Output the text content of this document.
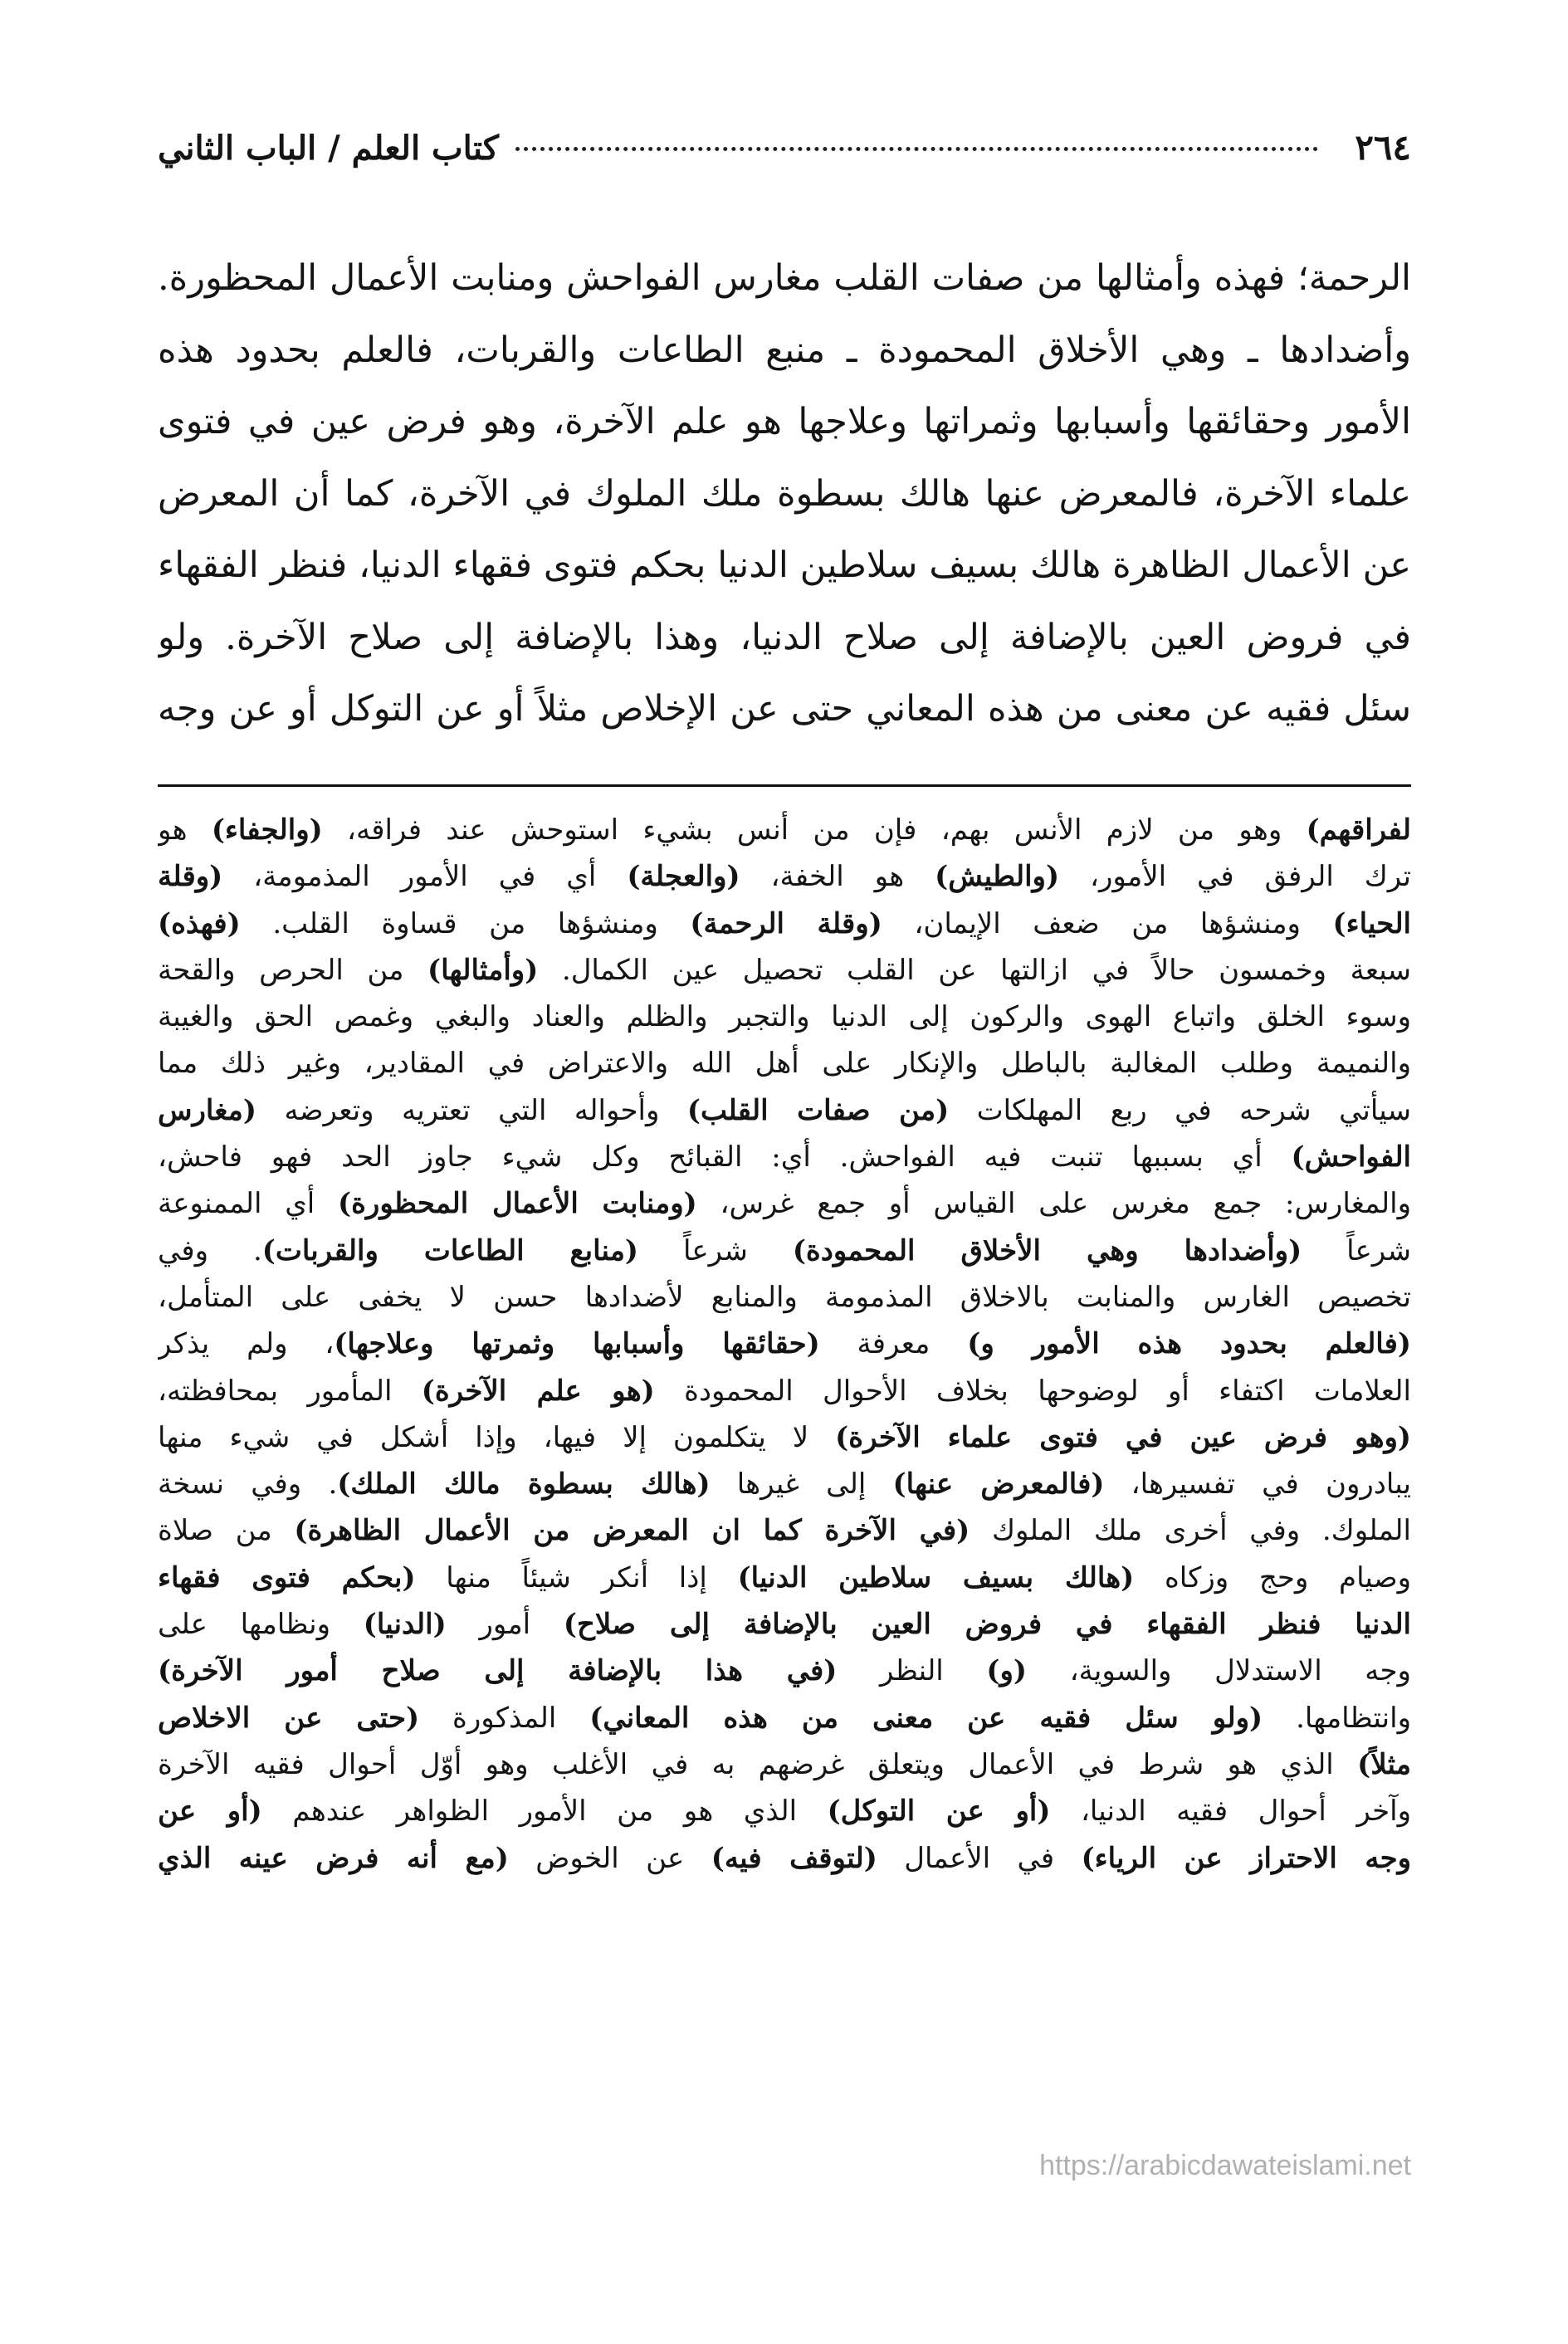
٢٦٤
كتاب العلم / الباب الثاني
الرحمة؛ فهذه وأمثالها من صفات القلب مغارس الفواحش ومنابت الأعمال المحظورة.
وأضدادها ـ وهي الأخلاق المحمودة ـ منبع الطاعات والقربات، فالعلم بحدود هذه
الأمور وحقائقها وأسبابها وثمراتها وعلاجها هو علم الآخرة، وهو فرض عين في فتوى
علماء الآخرة، فالمعرض عنها هالك بسطوة ملك الملوك في الآخرة، كما أن المعرض
عن الأعمال الظاهرة هالك بسيف سلاطين الدنيا بحكم فتوى فقهاء الدنيا، فنظر الفقهاء
في فروض العين بالإضافة إلى صلاح الدنيا، وهذا بالإضافة إلى صلاح الآخرة. ولو
سئل فقيه عن معنى من هذه المعاني حتى عن الإخلاص مثلاً أو عن التوكل أو عن وجه
لفراقهم) وهو من لازم الأنس بهم، فإن من أنس بشيء استوحش عند فراقه، (والجفاء) هو
ترك الرفق في الأمور، (والطيش) هو الخفة، (والعجلة) أي في الأمور المذمومة، (وقلة
الحياء) ومنشؤها من ضعف الإيمان، (وقلة الرحمة) ومنشؤها من قساوة القلب. (فهذه)
سبعة وخمسون حالاً في ازالتها عن القلب تحصيل عين الكمال. (وأمثالها) من الحرص والقحة
وسوء الخلق واتباع الهوى والركون إلى الدنيا والتجبر والظلم والعناد والبغي وغمص الحق والغيبة
والنميمة وطلب المغالبة بالباطل والإنكار على أهل الله والاعتراض في المقادير، وغير ذلك مما
سيأتي شرحه في ربع المهلكات (من صفات القلب) وأحواله التي تعتريه وتعرضه (مغارس
الفواحش) أي بسببها تنبت فيه الفواحش. أي: القبائح وكل شيء جاوز الحد فهو فاحش،
والمغارس: جمع مغرس على القياس أو جمع غرس، (ومنابت الأعمال المحظورة) أي الممنوعة
شرعاً (وأضدادها وهي الأخلاق المحمودة) شرعاً (منابع الطاعات والقربات). وفي
تخصيص الغارس والمنابت بالاخلاق المذمومة والمنابع لأضدادها حسن لا يخفى على المتأمل،
(فالعلم بحدود هذه الأمور و) معرفة (حقائقها وأسبابها وثمرتها وعلاجها)، ولم يذكر
العلامات اكتفاء أو لوضوحها بخلاف الأحوال المحمودة (هو علم الآخرة) المأمور بمحافظته،
(وهو فرض عين في فتوى علماء الآخرة) لا يتكلمون إلا فيها، وإذا أشكل في شيء منها
يبادرون في تفسيرها، (فالمعرض عنها) إلى غيرها (هالك بسطوة مالك الملك). وفي نسخة
الملوك. وفي أخرى ملك الملوك (في الآخرة كما ان المعرض من الأعمال الظاهرة) من صلاة
وصيام وحج وزكاه (هالك بسيف سلاطين الدنيا) إذا أنكر شيئاً منها (بحكم فتوى فقهاء
الدنيا فنظر الفقهاء في فروض العين بالإضافة إلى صلاح) أمور (الدنيا) ونظامها على
وجه الاستدلال والسوية، (و) النظر (في هذا بالإضافة إلى صلاح أمور الآخرة)
وانتظامها. (ولو سئل فقيه عن معنى من هذه المعاني) المذكورة (حتى عن الاخلاص
مثلاً) الذي هو شرط في الأعمال ويتعلق غرضهم به في الأغلب وهو أوّل أحوال فقيه الآخرة
وآخر أحوال فقيه الدنيا، (أو عن التوكل) الذي هو من الأمور الظواهر عندهم (أو عن
وجه الاحتراز عن الرياء) في الأعمال (لتوقف فيه) عن الخوض (مع أنه فرض عينه الذي
https://arabicdawateislami.net
